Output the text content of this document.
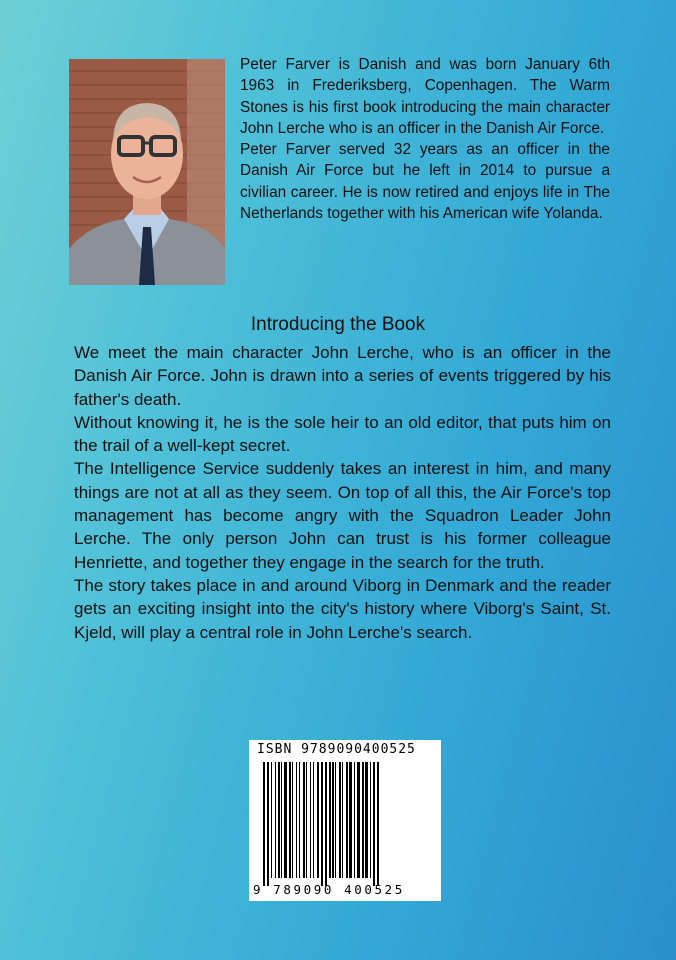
Peter Farver is Danish and was born January 6th 1963 in Frederiksberg, Copenhagen. The Warm Stones is his first book introducing the main character John Lerche who is an officer in the Danish Air Force.

Peter Farver served 32 years as an officer in the Danish Air Force but he left in 2014 to pursue a civilian career. He is now retired and enjoys life in The Netherlands together with his American wife Yolanda.

Introducing the Book

We meet the main character John Lerche, who is an officer in the Danish Air Force. John is drawn into a series of events triggered by his father's death.

Without knowing it, he is the sole heir to an old editor, that puts him on the trail of a well-kept secret.

The Intelligence Service suddenly takes an interest in him, and many things are not at all as they seem. On top of all this, the Air Force's top management has become angry with the Squadron Leader John Lerche. The only person John can trust is his former colleague Henriette, and together they engage in the search for the truth.

The story takes place in and around Viborg in Denmark and the reader gets an exciting insight into the city's history where Viborg's Saint, St. Kjeld, will play a central role in John Lerche's search.

ISBN 9789090400525
9 789090 400525
